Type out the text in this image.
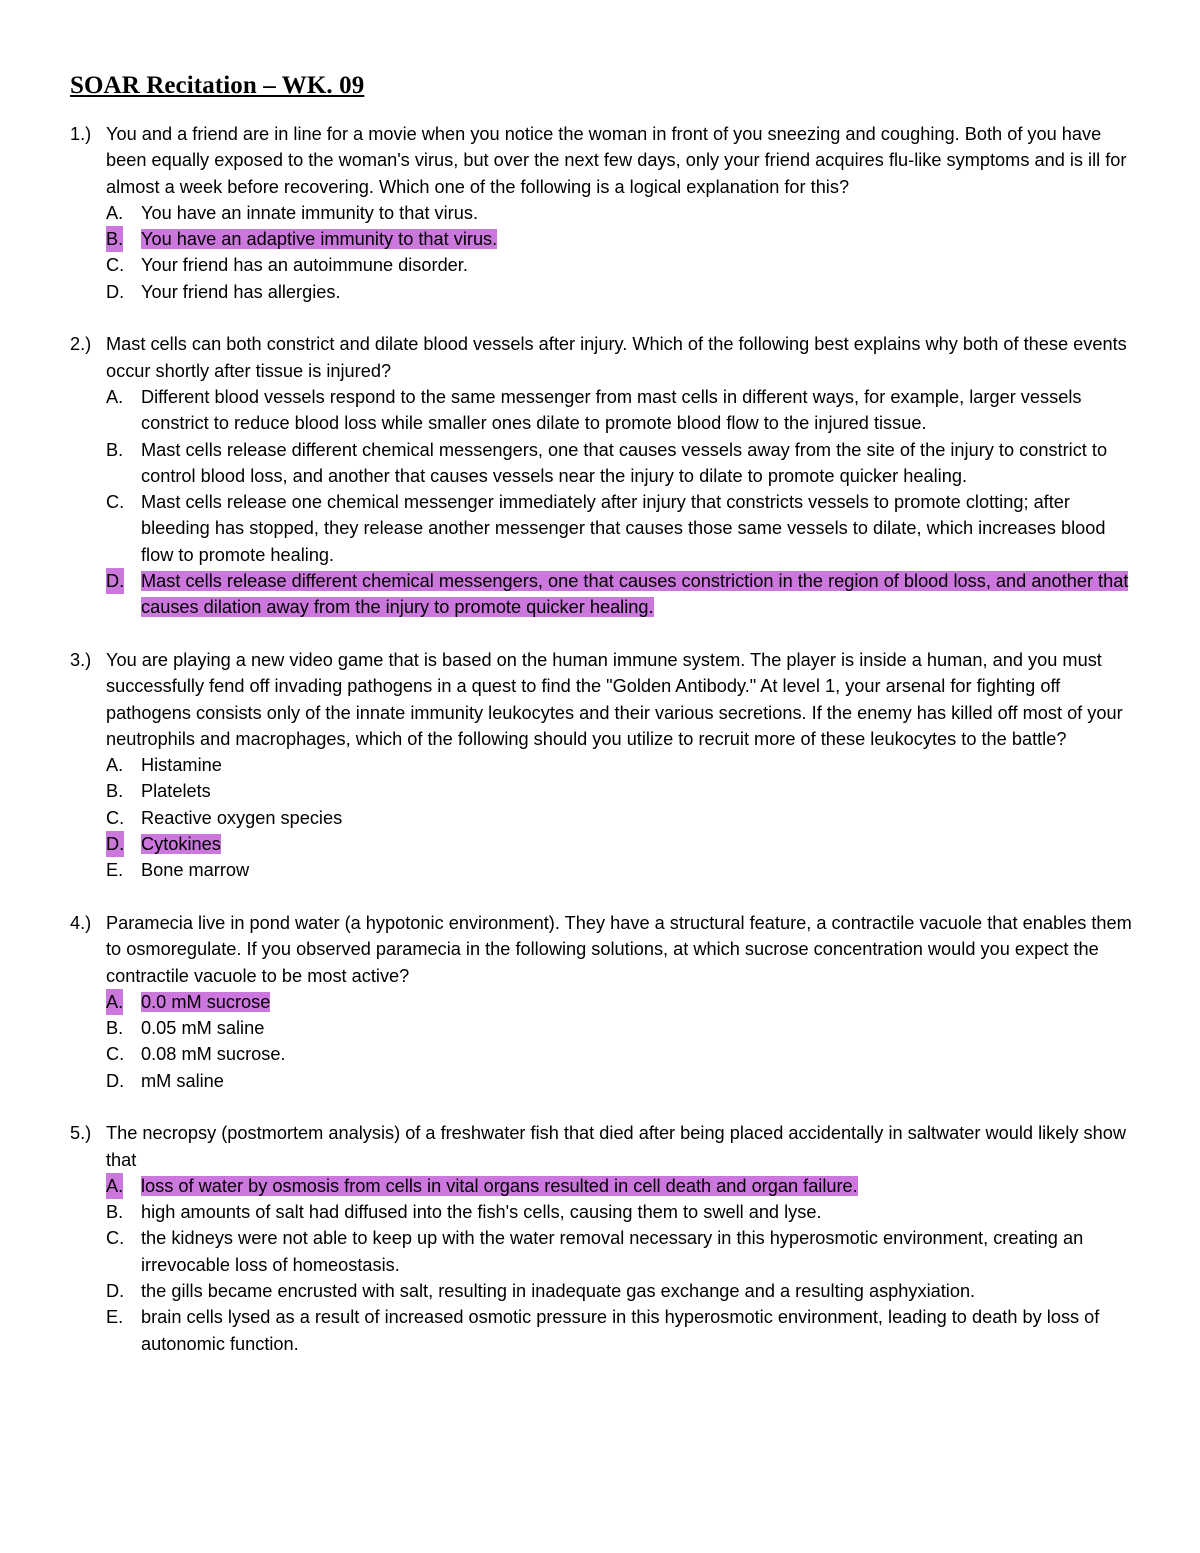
SOAR Recitation – WK. 09
1.) You and a friend are in line for a movie when you notice the woman in front of you sneezing and coughing. Both of you have been equally exposed to the woman's virus, but over the next few days, only your friend acquires flu-like symptoms and is ill for almost a week before recovering. Which one of the following is a logical explanation for this?
A. You have an innate immunity to that virus.
B. You have an adaptive immunity to that virus.
C. Your friend has an autoimmune disorder.
D. Your friend has allergies.
2.) Mast cells can both constrict and dilate blood vessels after injury. Which of the following best explains why both of these events occur shortly after tissue is injured?
A. Different blood vessels respond to the same messenger from mast cells in different ways, for example, larger vessels constrict to reduce blood loss while smaller ones dilate to promote blood flow to the injured tissue.
B. Mast cells release different chemical messengers, one that causes vessels away from the site of the injury to constrict to control blood loss, and another that causes vessels near the injury to dilate to promote quicker healing.
C. Mast cells release one chemical messenger immediately after injury that constricts vessels to promote clotting; after bleeding has stopped, they release another messenger that causes those same vessels to dilate, which increases blood flow to promote healing.
D. Mast cells release different chemical messengers, one that causes constriction in the region of blood loss, and another that causes dilation away from the injury to promote quicker healing.
3.) You are playing a new video game that is based on the human immune system. The player is inside a human, and you must successfully fend off invading pathogens in a quest to find the "Golden Antibody." At level 1, your arsenal for fighting off pathogens consists only of the innate immunity leukocytes and their various secretions. If the enemy has killed off most of your neutrophils and macrophages, which of the following should you utilize to recruit more of these leukocytes to the battle?
A. Histamine
B. Platelets
C. Reactive oxygen species
D. Cytokines
E. Bone marrow
4.) Paramecia live in pond water (a hypotonic environment). They have a structural feature, a contractile vacuole that enables them to osmoregulate. If you observed paramecia in the following solutions, at which sucrose concentration would you expect the contractile vacuole to be most active?
A. 0.0 mM sucrose
B. 0.05 mM saline
C. 0.08 mM sucrose.
D. mM saline
5.) The necropsy (postmortem analysis) of a freshwater fish that died after being placed accidentally in saltwater would likely show that
A. loss of water by osmosis from cells in vital organs resulted in cell death and organ failure.
B. high amounts of salt had diffused into the fish's cells, causing them to swell and lyse.
C. the kidneys were not able to keep up with the water removal necessary in this hyperosmotic environment, creating an irrevocable loss of homeostasis.
D. the gills became encrusted with salt, resulting in inadequate gas exchange and a resulting asphyxiation.
E. brain cells lysed as a result of increased osmotic pressure in this hyperosmotic environment, leading to death by loss of autonomic function.
